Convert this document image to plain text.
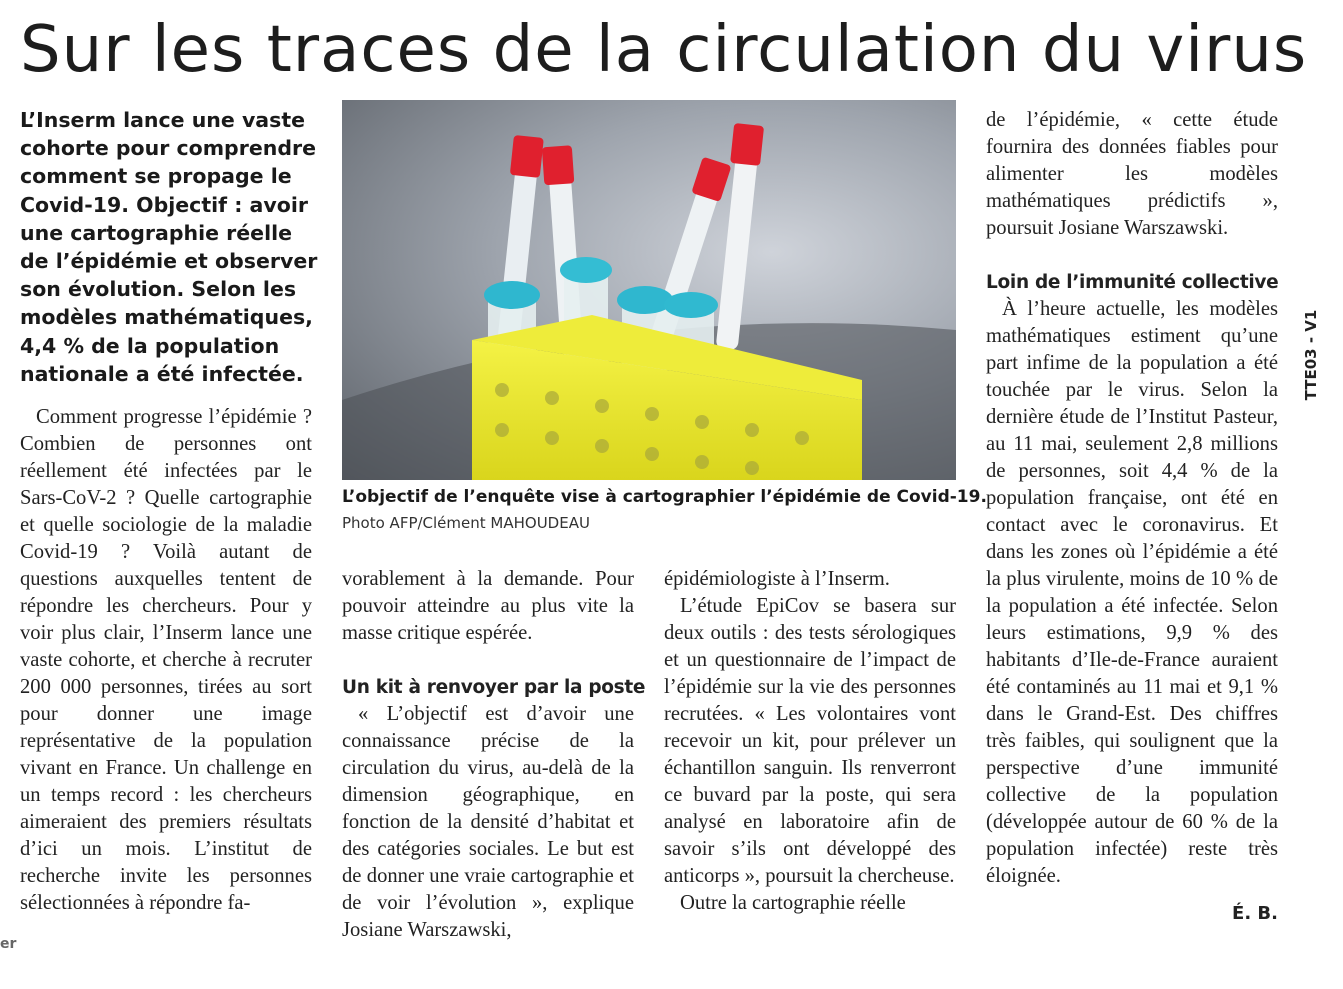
Sur les traces de la circulation du virus
L’Inserm lance une vaste cohorte pour comprendre comment se propage le Covid-19. Objectif : avoir une cartographie réelle de l’épidémie et observer son évolution. Selon les modèles mathématiques, 4,4 % de la population nationale a été infectée.
L’objectif de l’enquête vise à cartographier l’épidémie de Covid-19.
Photo AFP/Clément MAHOUDEAU

Comment progresse l’épidémie ? Combien de personnes ont réellement été infectées par le Sars-CoV-2 ? Quelle cartographie et quelle sociologie de la maladie Covid-19 ? Voilà autant de questions auxquelles tentent de répondre les chercheurs. Pour y voir plus clair, l’Inserm lance une vaste cohorte, et cherche à recruter 200 000 personnes, tirées au sort pour donner une image représentative de la population vivant en France. Un challenge en un temps record : les chercheurs aimeraient des premiers résultats d’ici un mois. L’institut de recherche invite les personnes sélectionnées à répondre fa-

vorablement à la demande. Pour pouvoir atteindre au plus vite la masse critique espérée.

Un kit à renvoyer par la poste

« L’objectif est d’avoir une connaissance précise de la circulation du virus, au-delà de la dimension géographique, en fonction de la densité d’habitat et des catégories sociales. Le but est de donner une vraie cartographie et de voir l’évolution », explique Josiane Warszawski,

épidémiologiste à l’Inserm.

L’étude EpiCov se basera sur deux outils : des tests sérologiques et un questionnaire de l’impact de l’épidémie sur la vie des personnes recrutées. « Les volontaires vont recevoir un kit, pour prélever un échantillon sanguin. Ils renverront ce buvard par la poste, qui sera analysé en laboratoire afin de savoir s’ils ont développé des anticorps », poursuit la chercheuse.

Outre la cartographie réelle

de l’épidémie, « cette étude fournira des données fiables pour alimenter les modèles mathématiques prédictifs », poursuit Josiane Warszawski.

Loin de l’immunité collective

À l’heure actuelle, les modèles mathématiques estiment qu’une part infime de la population a été touchée par le virus. Selon la dernière étude de l’Institut Pasteur, au 11 mai, seulement 2,8 millions de personnes, soit 4,4 % de la population française, ont été en contact avec le coronavirus. Et dans les zones où l’épidémie a été la plus virulente, moins de 10 % de la population a été infectée. Selon leurs estimations, 9,9 % des habitants d’Ile-de-France auraient été contaminés au 11 mai et 9,1 % dans le Grand-Est. Des chiffres très faibles, qui soulignent que la perspective d’une immunité collective de la population (développée autour de 60 % de la population infectée) reste très éloignée.

É. B.

TTE03 - V1
er
